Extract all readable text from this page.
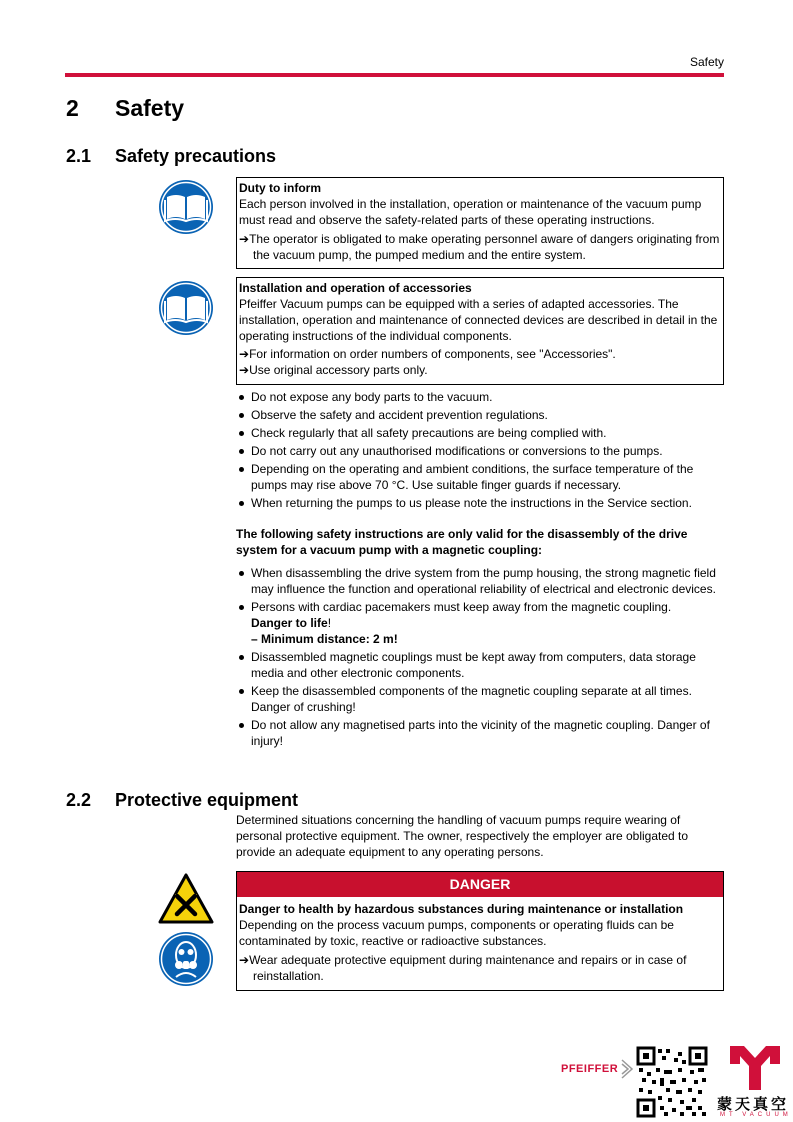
Safety
2 Safety
2.1 Safety precautions
Duty to inform
Each person involved in the installation, operation or maintenance of the vacuum pump must read and observe the safety-related parts of these operating instructions.
➔The operator is obligated to make operating personnel aware of dangers originating from the vacuum pump, the pumped medium and the entire system.
Installation and operation of accessories
Pfeiffer Vacuum pumps can be equipped with a series of adapted accessories. The installation, operation and maintenance of connected devices are described in detail in the operating instructions of the individual components.
➔For information on order numbers of components, see "Accessories".
➔Use original accessory parts only.
Do not expose any body parts to the vacuum.
Observe the safety and accident prevention regulations.
Check regularly that all safety precautions are being complied with.
Do not carry out any unauthorised modifications or conversions to the pumps.
Depending on the operating and ambient conditions, the surface temperature of the pumps may rise above 70 °C. Use suitable finger guards if necessary.
When returning the pumps to us please note the instructions in the Service section.
The following safety instructions are only valid for the disassembly of the drive system for a vacuum pump with a magnetic coupling:
When disassembling the drive system from the pump housing, the strong magnetic field may influence the function and operational reliability of electrical and electronic devices.
Persons with cardiac pacemakers must keep away from the magnetic coupling.
Danger to life!
– Minimum distance: 2 m!
Disassembled magnetic couplings must be kept away from computers, data storage media and other electronic components.
Keep the disassembled components of the magnetic coupling separate at all times. Danger of crushing!
Do not allow any magnetised parts into the vicinity of the magnetic coupling. Danger of injury!
2.2 Protective equipment
Determined situations concerning the handling of vacuum pumps require wearing of personal protective equipment. The owner, respectively the employer are obligated to provide an adequate equipment to any operating persons.
DANGER
Danger to health by hazardous substances during maintenance or installation
Depending on the process vacuum pumps, components or operating fluids can be contaminated by toxic, reactive or radioactive substances.
➔Wear adequate protective equipment during maintenance and repairs or in case of reinstallation.
PFEIFFER
蒙天真空
MT VACUUM
